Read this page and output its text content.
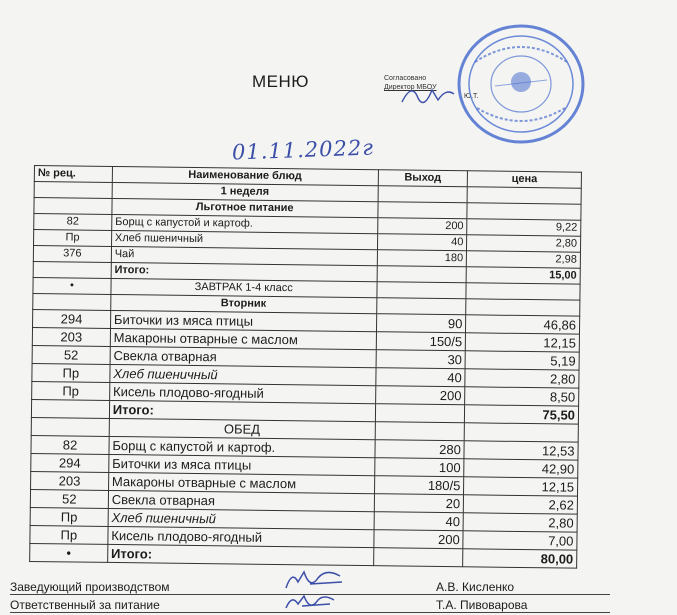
МЕНЮ	Согласовано
Директор МБОУ
Ю.Т.
01.11.2022г
№ рец.	Наименование блюд	Выход	цена
	1 неделя		
	Льготное питание		
82	Борщ с капустой и картоф.	200	9,22
Пр	Хлеб пшеничный	40	2,80
376	Чай	180	2,98
	Итого:		15,00
•	ЗАВТРАК 1-4 класс		
	Вторник		
294	Биточки из мяса птицы	90	46,86
203	Макароны отварные с маслом	150/5	12,15
52	Свекла отварная	30	5,19
Пр	Хлеб пшеничный	40	2,80
Пр	Кисель плодово-ягодный	200	8,50
	Итого:		75,50
	ОБЕД		
82	Борщ с капустой и картоф.	280	12,53
294	Биточки из мяса птицы	100	42,90
203	Макароны отварные с маслом	180/5	12,15
52	Свекла отварная	20	2,62
Пр	Хлеб пшеничный	40	2,80
Пр	Кисель плодово-ягодный	200	7,00
•	Итого:		80,00
Заведующий производством	А.В. Кисленко
Ответственный за питание	Т.А. Пивоварова
